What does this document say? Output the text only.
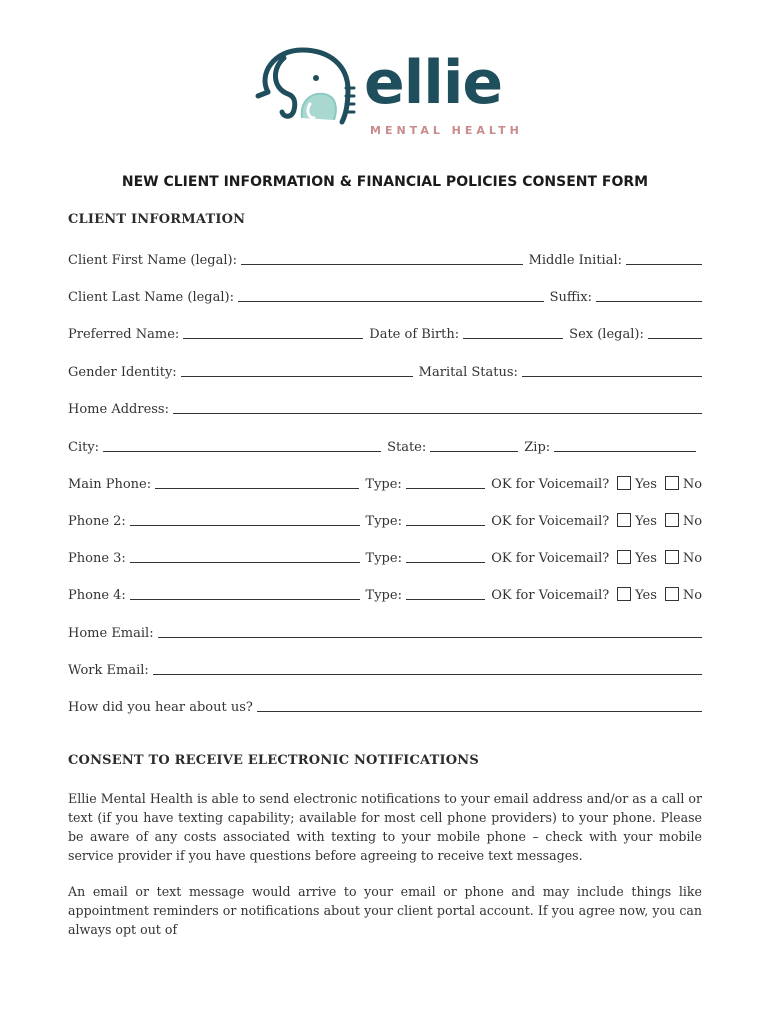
ellie
MENTAL HEALTH
NEW CLIENT INFORMATION & FINANCIAL POLICIES CONSENT FORM
CLIENT INFORMATION
Client First Name (legal):	Middle Initial:
Client Last Name (legal):	Suffix:
Preferred Name:	Date of Birth:	Sex (legal):
Gender Identity:	Marital Status:
Home Address:
City:	State:	Zip:
Main Phone:	Type:	OK for Voicemail?	Yes	No
Phone 2:	Type:	OK for Voicemail?	Yes	No
Phone 3:	Type:	OK for Voicemail?	Yes	No
Phone 4:	Type:	OK for Voicemail?	Yes	No
Home Email:
Work Email:
How did you hear about us?
CONSENT TO RECEIVE ELECTRONIC NOTIFICATIONS
Ellie Mental Health is able to send electronic notifications to your email address and/or as a call or text (if you have texting capability; available for most cell phone providers) to your phone. Please be aware of any costs associated with texting to your mobile phone – check with your mobile service provider if you have questions before agreeing to receive text messages.
An email or text message would arrive to your email or phone and may include things like appointment reminders or notifications about your client portal account. If you agree now, you can always opt out of
